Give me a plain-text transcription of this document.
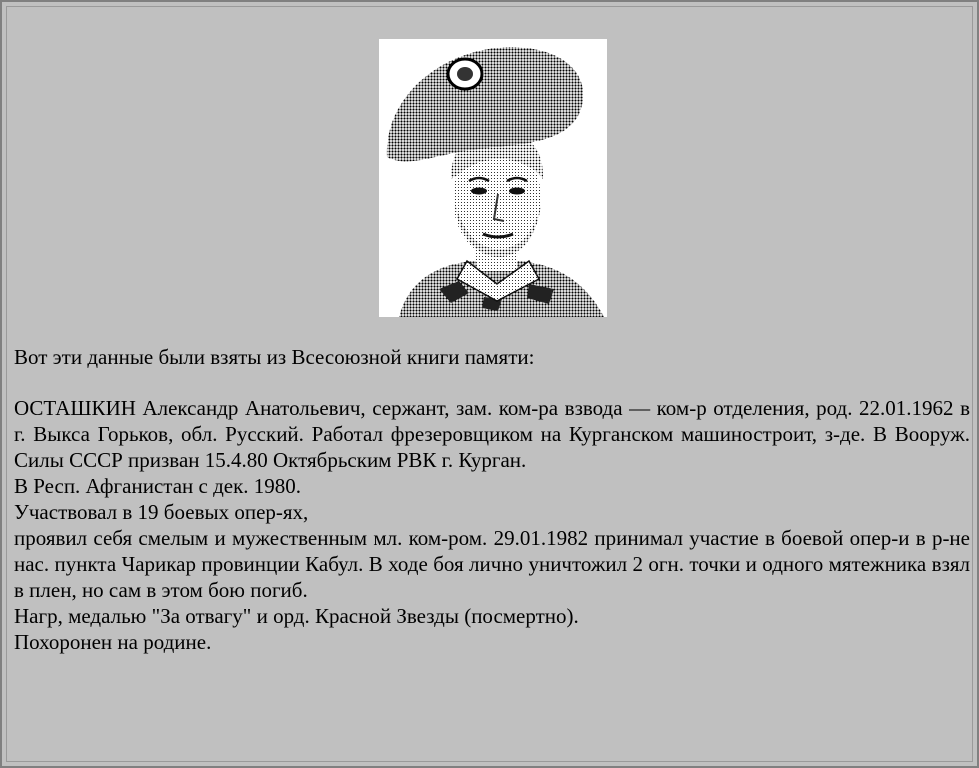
Вот эти данные были взяты из Всесоюзной книги памяти:

ОСТАШКИН Александр Анатольевич, сержант, зам. ком-ра взвода — ком-р отделения, род. 22.01.1962 в г. Выкса Горьков, обл. Русский. Работал фрезеровщиком на Курганском машиностроит, з-де. В Вооруж. Силы СССР призван 15.4.80 Октябрьским РВК г. Курган.

В Респ. Афганистан с дек. 1980.

Участвовал в 19 боевых опер-ях,

проявил себя смелым и мужественным мл. ком-ром. 29.01.1982 принимал участие в боевой опер-и в р-не нас. пункта Чарикар провинции Кабул. В ходе боя лично уничтожил 2 огн. точки и одного мятежника взял в плен, но сам в этом бою погиб.

Нагр, медалью "За отвагу" и орд. Красной Звезды (посмертно).

Похоронен на родине.
